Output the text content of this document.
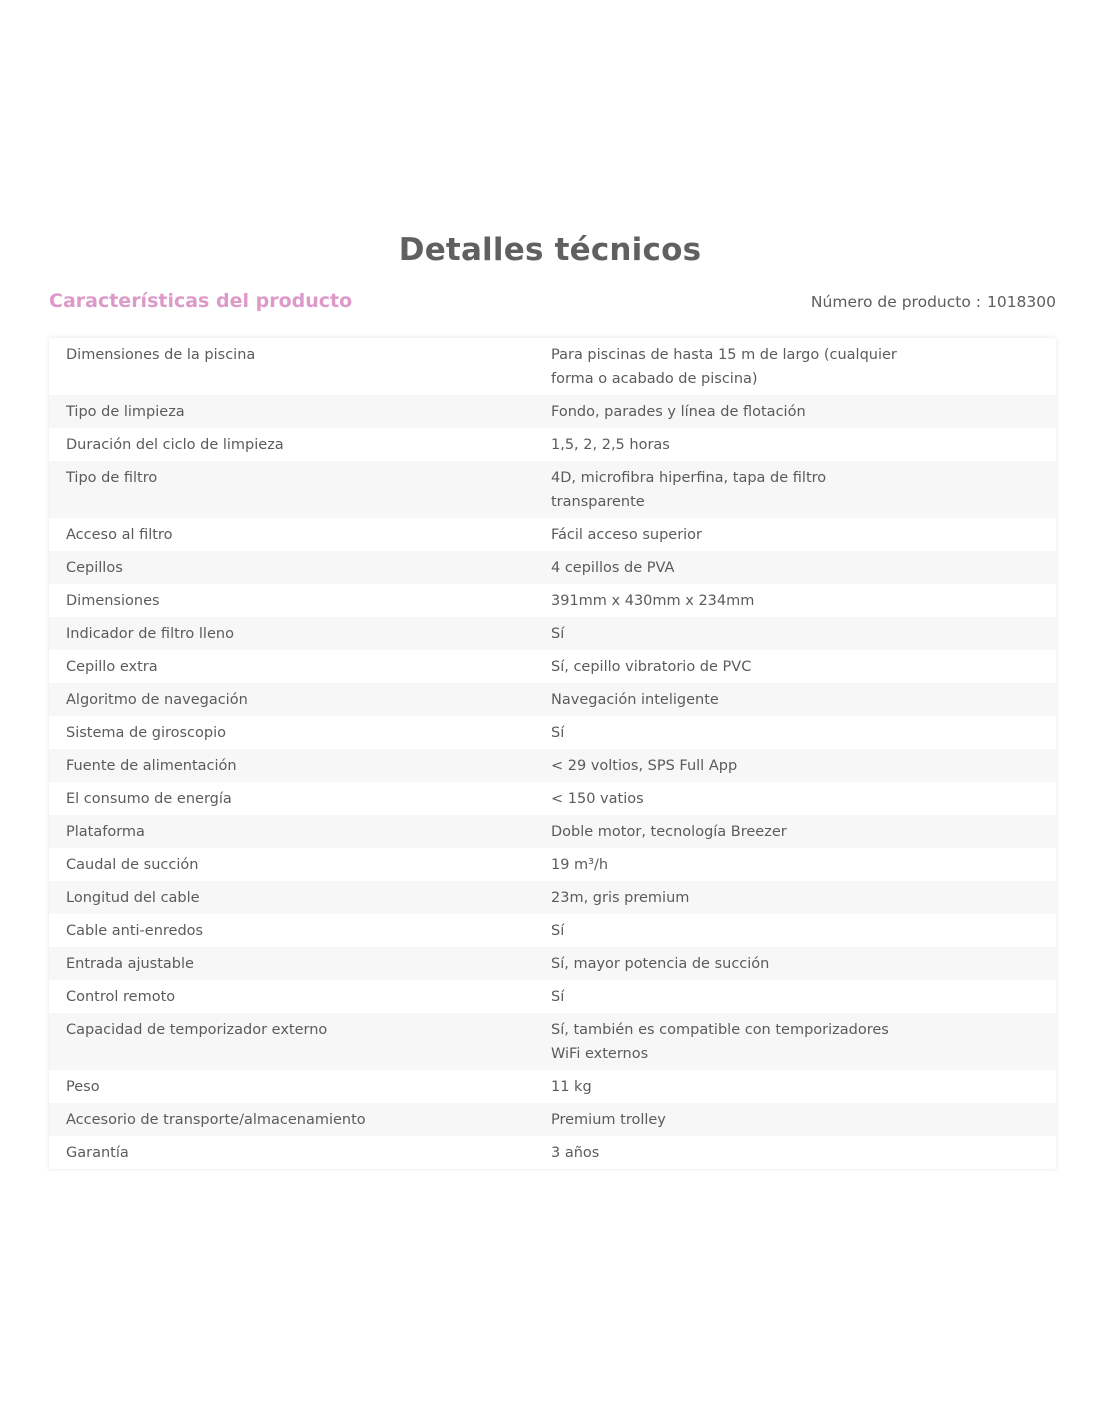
Detalles técnicos
Características del producto	Número de producto : 1018300
Dimensiones de la piscina	Para piscinas de hasta 15 m de largo (cualquier forma o acabado de piscina)

Tipo de limpieza	Fondo, parades y línea de flotación

Duración del ciclo de limpieza	1,5, 2, 2,5 horas

Tipo de filtro	4D, microfibra hiperfina, tapa de filtro transparente

Acceso al filtro	Fácil acceso superior

Cepillos	4 cepillos de PVA

Dimensiones	391mm x 430mm x 234mm

Indicador de filtro lleno	Sí

Cepillo extra	Sí, cepillo vibratorio de PVC

Algoritmo de navegación	Navegación inteligente

Sistema de giroscopio	Sí

Fuente de alimentación	< 29 voltios, SPS Full App

El consumo de energía	< 150 vatios

Plataforma	Doble motor, tecnología Breezer

Caudal de succión	19 m³/h

Longitud del cable	23m, gris premium

Cable anti-enredos	Sí

Entrada ajustable	Sí, mayor potencia de succión

Control remoto	Sí

Capacidad de temporizador externo	Sí, también es compatible con temporizadores WiFi externos

Peso	11 kg

Accesorio de transporte/almacenamiento	Premium trolley

Garantía	3 años
